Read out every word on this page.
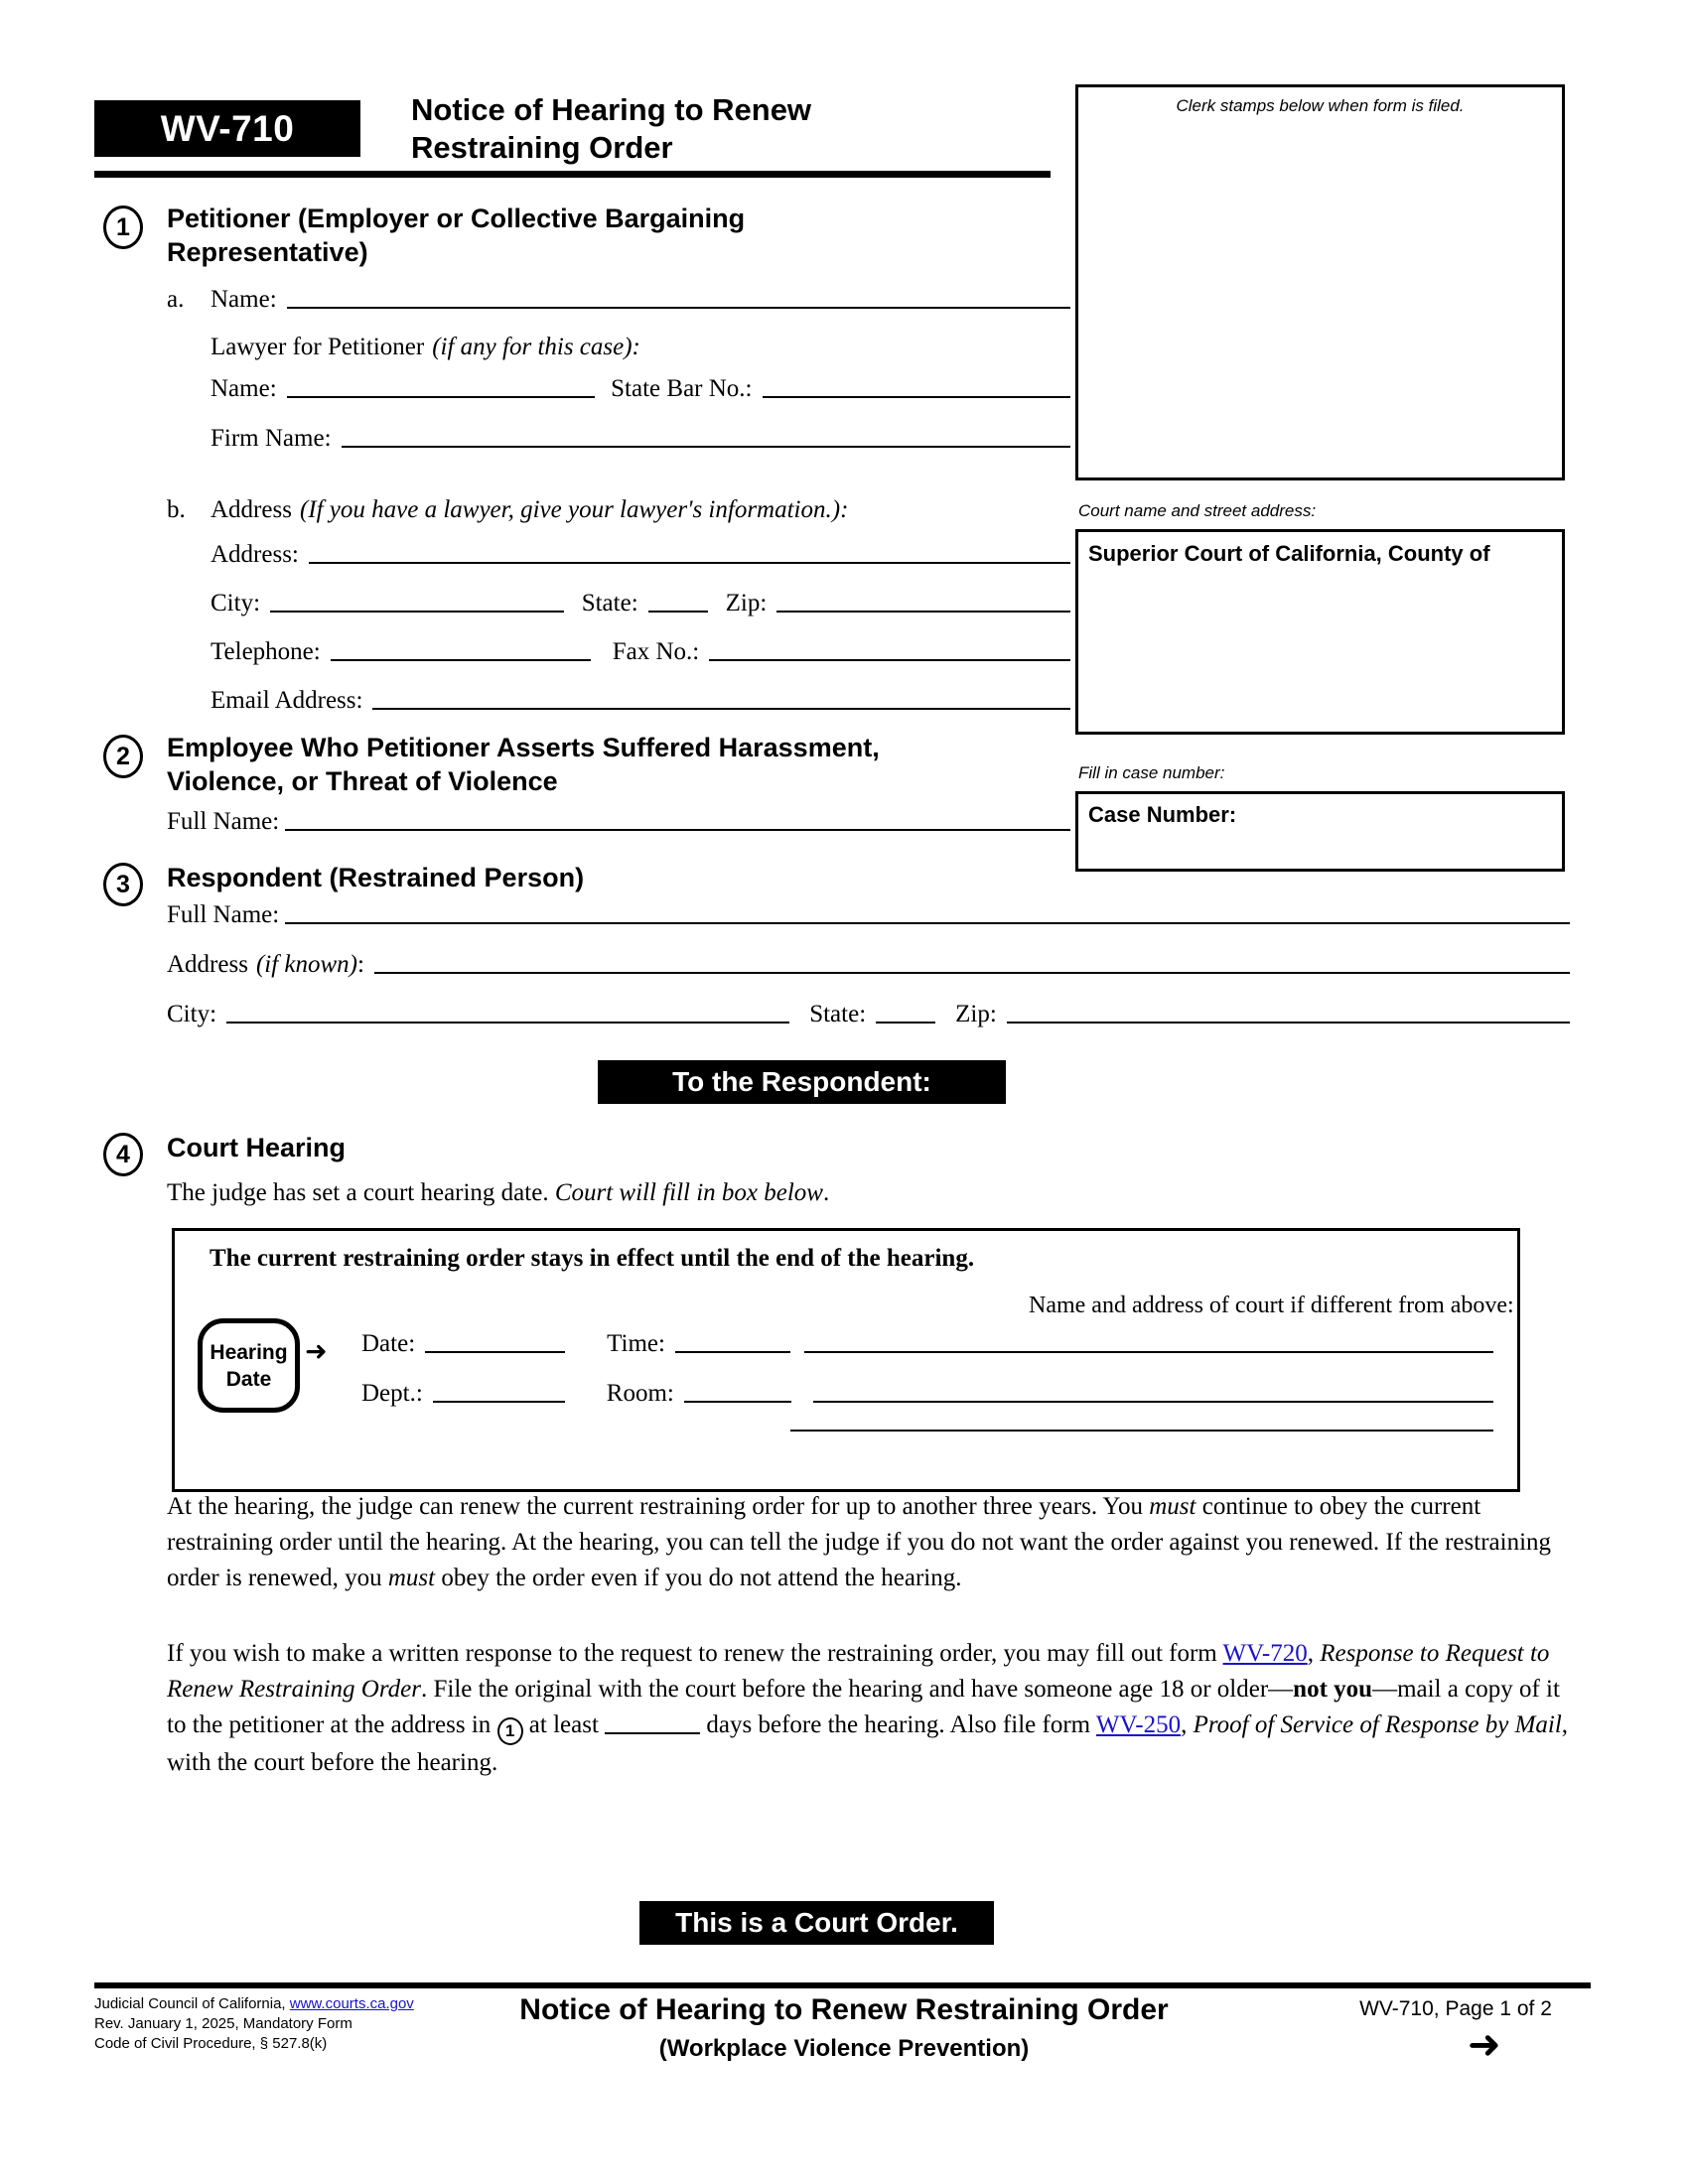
WV-710	Notice of Hearing to Renew
Restraining Order
Clerk stamps below when form is filed.
Court name and street address:
Superior Court of California, County of
Fill in case number:
Case Number:
1	Petitioner (Employer or Collective Bargaining
Representative)
a.	Name:
Lawyer for Petitioner (if any for this case):
Name:	State Bar No.:
Firm Name:
b.	Address (If you have a lawyer, give your lawyer's information.):
Address:
City:	State:	Zip:
Telephone:	Fax No.:
Email Address:
2	Employee Who Petitioner Asserts Suffered Harassment,
Violence, or Threat of Violence
Full Name:
3	Respondent (Restrained Person)
Full Name:
Address (if known) :
City:	State:	Zip:
To the Respondent:
4	Court Hearing
The judge has set a court hearing date. Court will fill in box below.
The current restraining order stays in effect until the end of the hearing.
Name and address of court if different from above:
Hearing
Date
➜ Date:	Time:
Dept.:	Room:
At the hearing, the judge can renew the current restraining order for up to another three years. You must continue to obey the current restraining order until the hearing. At the hearing, you can tell the judge if you do not want the order against you renewed. If the restraining order is renewed, you must obey the order even if you do not attend the hearing.
If you wish to make a written response to the request to renew the restraining order, you may fill out form WV-720, Response to Request to Renew Restraining Order. File the original with the court before the hearing and have someone age 18 or older—not you—mail a copy of it to the petitioner at the address in 1 at least	days before the hearing. Also file form WV-250, Proof of Service of Response by Mail, with the court before the hearing.
This is a Court Order.
Judicial Council of California, www.courts.ca.gov
Rev. January 1, 2025, Mandatory Form
Code of Civil Procedure, § 527.8(k)
Notice of Hearing to Renew Restraining Order
(Workplace Violence Prevention)
WV-710, Page 1 of 2
➜
